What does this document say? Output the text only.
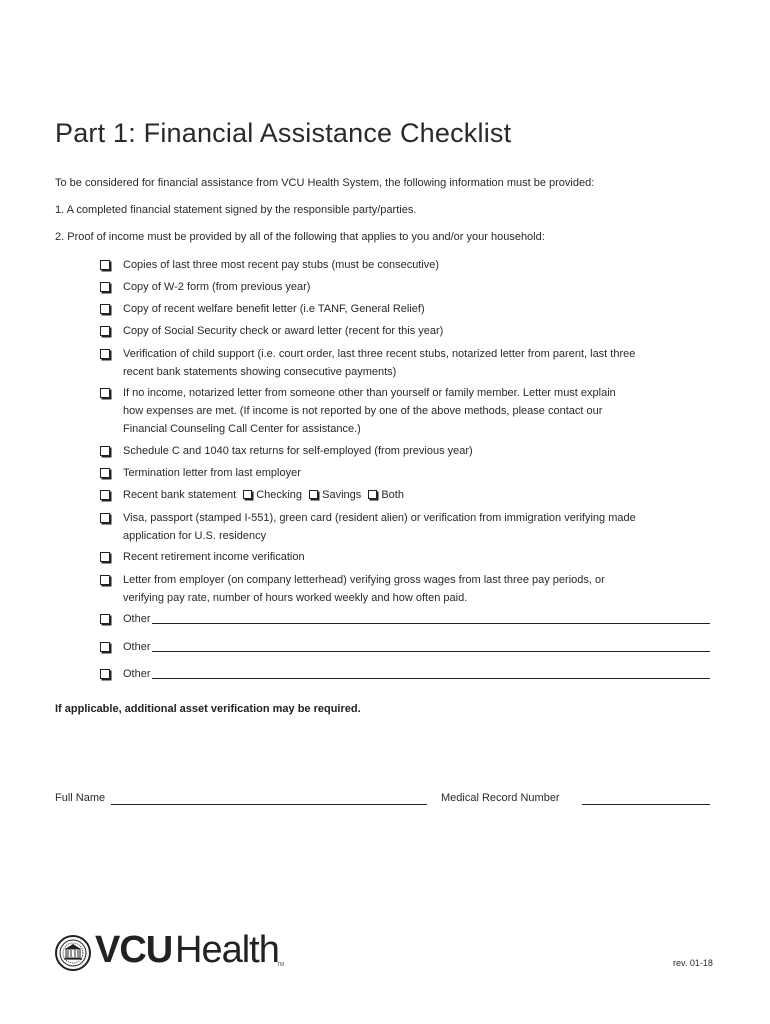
Part 1: Financial Assistance Checklist

To be considered for financial assistance from VCU Health System, the following information must be provided:

1. A completed financial statement signed by the responsible party/parties.

2. Proof of income must be provided by all of the following that applies to you and/or your household:

Copies of last three most recent pay stubs (must be consecutive)
Copy of W-2 form (from previous year)
Copy of recent welfare benefit letter (i.e TANF, General Relief)
Copy of Social Security check or award letter (recent for this year)
Verification of child support (i.e. court order, last three recent stubs, notarized letter from parent, last three
recent bank statements showing consecutive payments)
If no income, notarized letter from someone other than yourself or family member. Letter must explain
how expenses are met. (If income is not reported by one of the above methods, please contact our
Financial Counseling Call Center for assistance.)
Schedule C and 1040 tax returns for self-employed (from previous year)
Termination letter from last employer
Recent bank statement Checking Savings Both
Visa, passport (stamped I-551), green card (resident alien) or verification from immigration verifying made
application for U.S. residency
Recent retirement income verification
Letter from employer (on company letterhead) verifying gross wages from last three pay periods, or
verifying pay rate, number of hours worked weekly and how often paid.
Other
Other
Other
If applicable, additional asset verification may be required.
Full Name	Medical Record Number
VCU Health
TM	rev. 01-18
